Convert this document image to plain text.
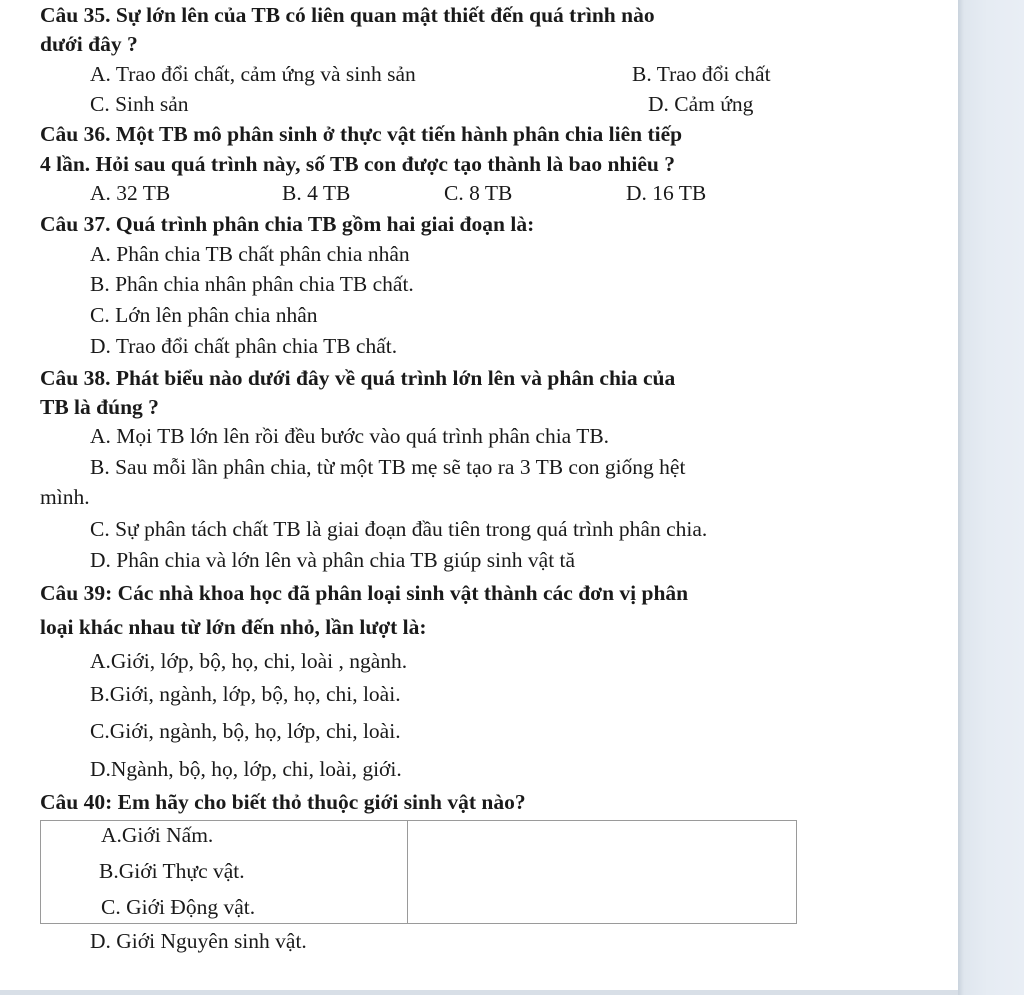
Câu 35. Sự lớn lên của TB có liên quan mật thiết đến quá trình nào
dưới đây ?
A. Trao đổi chất, cảm ứng và sinh sản	B. Trao đổi chất
C. Sinh sản	D. Cảm ứng
Câu 36. Một TB mô phân sinh ở thực vật tiến hành phân chia liên tiếp
4 lần. Hỏi sau quá trình này, số TB con được tạo thành là bao nhiêu ?
A. 32 TB	B. 4 TB	C. 8 TB	D. 16 TB
Câu 37. Quá trình phân chia TB gồm hai giai đoạn là:
A. Phân chia TB chất phân chia nhân
B. Phân chia nhân phân chia TB chất.
C. Lớn lên phân chia nhân
D. Trao đổi chất phân chia TB chất.
Câu 38. Phát biểu nào dưới đây về quá trình lớn lên và phân chia của
TB là đúng ?
A. Mọi TB lớn lên rồi đều bước vào quá trình phân chia TB.
B. Sau mỗi lần phân chia, từ một TB mẹ sẽ tạo ra 3 TB con giống hệt
mình.
C. Sự phân tách chất TB là giai đoạn đầu tiên trong quá trình phân chia.
D. Phân chia và lớn lên và phân chia TB giúp sinh vật tă
Câu 39: Các nhà khoa học đã phân loại sinh vật thành các đơn vị phân
loại khác nhau từ lớn đến nhỏ, lần lượt là:
A.Giới, lớp, bộ, họ, chi, loài , ngành.
B.Giới, ngành, lớp, bộ, họ, chi, loài.
C.Giới, ngành, bộ, họ, lớp, chi, loài.
D.Ngành, bộ, họ, lớp, chi, loài, giới.
Câu 40: Em hãy cho biết thỏ thuộc giới sinh vật nào?
A.Giới Nấm.
B.Giới Thực vật.
C. Giới Động vật.

D. Giới Nguyên sinh vật.
